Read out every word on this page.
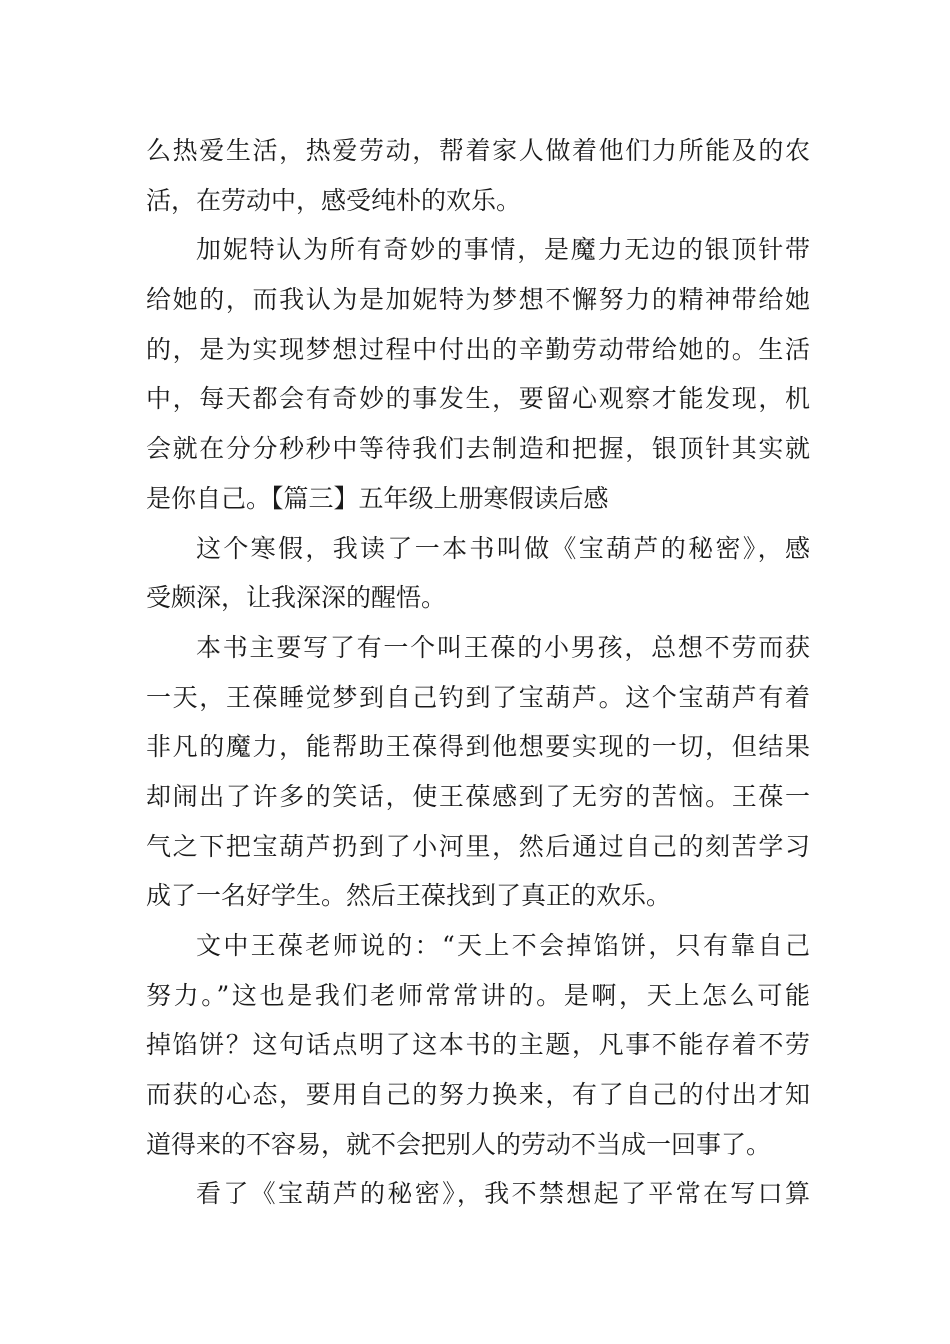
么热爱生活，热爱劳动，帮着家人做着他们力所能及的农
活，在劳动中，感受纯朴的欢乐。
加妮特认为所有奇妙的事情，是魔力无边的银顶针带
给她的，而我认为是加妮特为梦想不懈努力的精神带给她
的，是为实现梦想过程中付出的辛勤劳动带给她的。生活
中，每天都会有奇妙的事发生，要留心观察才能发现，机
会就在分分秒秒中等待我们去制造和把握，银顶针其实就
是你自己。【篇三】五年级上册寒假读后感
这个寒假，我读了一本书叫做《宝葫芦的秘密》，感
受颇深，让我深深的醒悟。
本书主要写了有一个叫王葆的小男孩，总想不劳而获
一天，王葆睡觉梦到自己钓到了宝葫芦。这个宝葫芦有着
非凡的魔力，能帮助王葆得到他想要实现的一切，但结果
却闹出了许多的笑话，使王葆感到了无穷的苦恼。王葆一
气之下把宝葫芦扔到了小河里，然后通过自己的刻苦学习
成了一名好学生。然后王葆找到了真正的欢乐。
文中王葆老师说的：“天上不会掉馅饼，只有靠自己
努力。”这也是我们老师常常讲的。是啊，天上怎么可能
掉馅饼？这句话点明了这本书的主题，凡事不能存着不劳
而获的心态，要用自己的努力换来，有了自己的付出才知
道得来的不容易，就不会把别人的劳动不当成一回事了。
看了《宝葫芦的秘密》，我不禁想起了平常在写口算
